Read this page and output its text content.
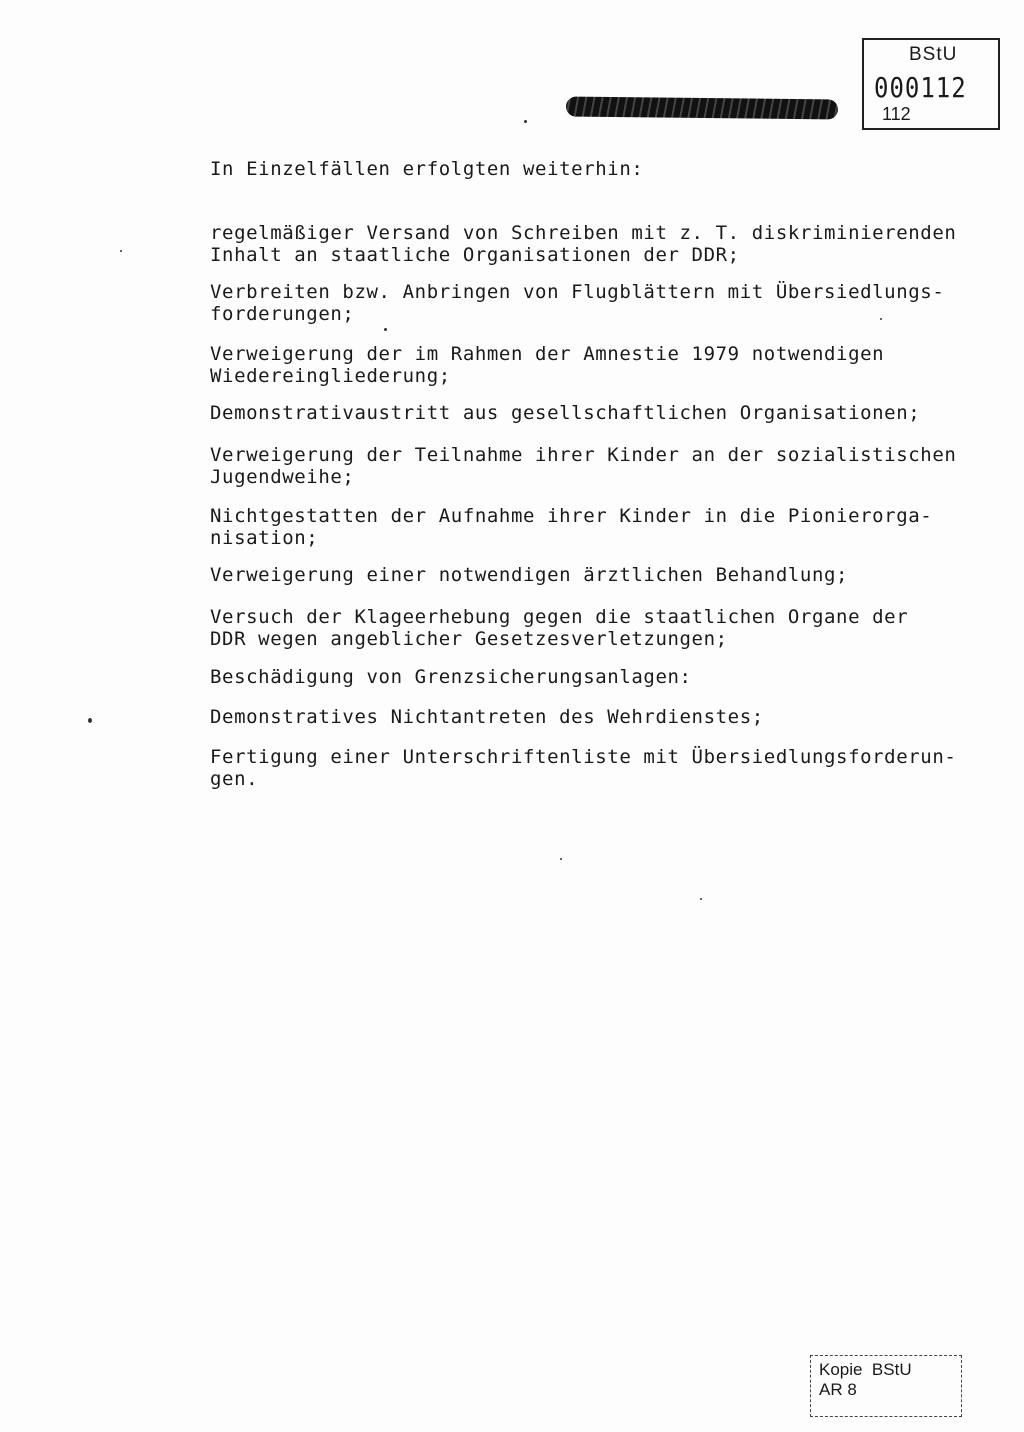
BStU
000112
112
In Einzelfällen erfolgten weiterhin:
regelmäßiger Versand von Schreiben mit z. T. diskriminierenden
Inhalt an staatliche Organisationen der DDR;
Verbreiten bzw. Anbringen von Flugblättern mit Übersiedlungs-
forderungen;
Verweigerung der im Rahmen der Amnestie 1979 notwendigen
Wiedereingliederung;
Demonstrativaustritt aus gesellschaftlichen Organisationen;
Verweigerung der Teilnahme ihrer Kinder an der sozialistischen
Jugendweihe;
Nichtgestatten der Aufnahme ihrer Kinder in die Pionierorga-
nisation;
Verweigerung einer notwendigen ärztlichen Behandlung;
Versuch der Klageerhebung gegen die staatlichen Organe der
DDR wegen angeblicher Gesetzesverletzungen;
Beschädigung von Grenzsicherungsanlagen:
Demonstratives Nichtantreten des Wehrdienstes;
Fertigung einer Unterschriftenliste mit Übersiedlungsforderun-
gen.
Kopie  BStU
AR 8
